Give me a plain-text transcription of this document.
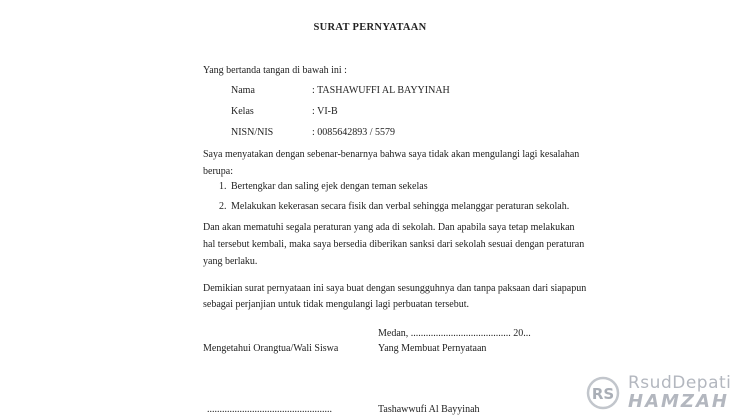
SURAT PERNYATAAN
Yang bertanda tangan di bawah ini :
Nama	: TASHAWUFFI AL BAYYINAH
Kelas	: VI-B
NISN/NIS	: 0085642893 / 5579
Saya menyatakan dengan sebenar-benarnya bahwa saya tidak akan mengulangi lagi kesalahan
berupa:
1. Bertengkar dan saling ejek dengan teman sekelas
2. Melakukan kekerasan secara fisik dan verbal sehingga melanggar peraturan sekolah.
Dan akan mematuhi segala peraturan yang ada di sekolah. Dan apabila saya tetap melakukan
hal tersebut kembali, maka saya bersedia diberikan sanksi dari sekolah sesuai dengan peraturan
yang berlaku.
Demikian surat pernyataan ini saya buat dengan sesungguhnya dan tanpa paksaan dari siapapun
sebagai perjanjian untuk tidak mengulangi lagi perbuatan tersebut.
Medan, ........................................ 20...
Mengetahui Orangtua/Wali Siswa	Yang Membuat Pernyataan
..................................................	Tashawwufi Al Bayyinah
RS
RsudDepati
HAMZAH
